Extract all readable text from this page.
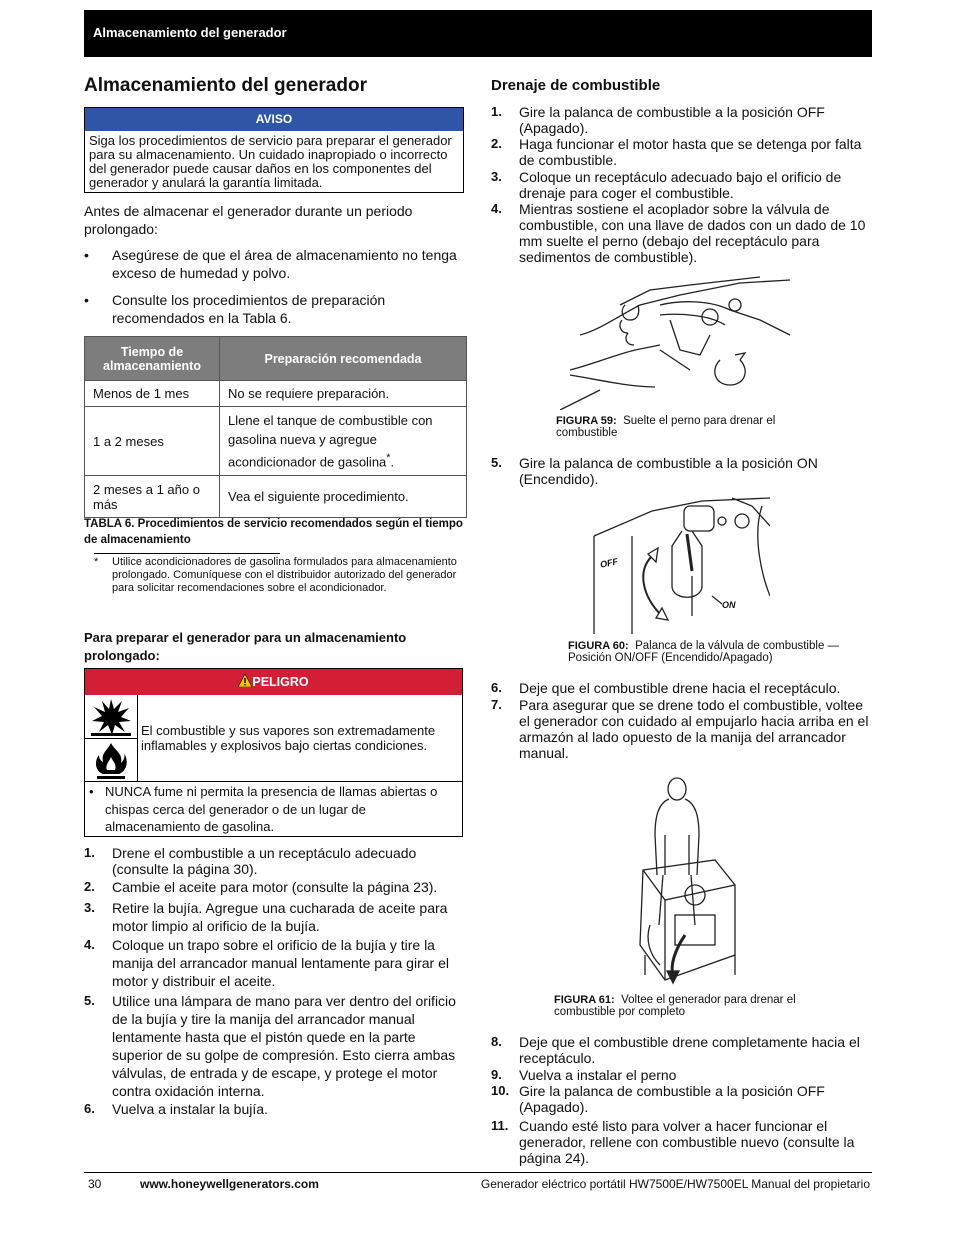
Almacenamiento del generador
Almacenamiento del generador
AVISO
Siga los procedimientos de servicio para preparar el generador para su almacenamiento. Un cuidado inapropiado o incorrecto del generador puede causar daños en los componentes del generador y anulará la garantía limitada.
Antes de almacenar el generador durante un periodo prolongado:
• Asegúrese de que el área de almacenamiento no tenga exceso de humedad y polvo.
• Consulte los procedimientos de preparación recomendados en la Tabla 6.
Tiempo de almacenamiento	Preparación recomendada
Menos de 1 mes	No se requiere preparación.
1 a 2 meses	Llene el tanque de combustible con gasolina nueva y agregue acondicionador de gasolina*.
2 meses a 1 año o más	Vea el siguiente procedimiento.
TABLA 6. Procedimientos de servicio recomendados según el tiempo de almacenamiento
* Utilice acondicionadores de gasolina formulados para almacenamiento prolongado. Comuníquese con el distribuidor autorizado del generador para solicitar recomendaciones sobre el acondicionador.
Para preparar el generador para un almacenamiento prolongado:
PELIGRO
El combustible y sus vapores son extremadamente inflamables y explosivos bajo ciertas condiciones.
• NUNCA fume ni permita la presencia de llamas abiertas o chispas cerca del generador o de un lugar de almacenamiento de gasolina.
1. Drene el combustible a un receptáculo adecuado (consulte la página 30).
2. Cambie el aceite para motor (consulte la página 23).
3. Retire la bujía. Agregue una cucharada de aceite para motor limpio al orificio de la bujía.
4. Coloque un trapo sobre el orificio de la bujía y tire la manija del arrancador manual lentamente para girar el motor y distribuir el aceite.
5. Utilice una lámpara de mano para ver dentro del orificio de la bujía y tire la manija del arrancador manual lentamente hasta que el pistón quede en la parte superior de su golpe de compresión. Esto cierra ambas válvulas, de entrada y de escape, y protege el motor contra oxidación interna.
6. Vuelva a instalar la bujía.
Drenaje de combustible
1. Gire la palanca de combustible a la posición OFF (Apagado).
2. Haga funcionar el motor hasta que se detenga por falta de combustible.
3. Coloque un receptáculo adecuado bajo el orificio de drenaje para coger el combustible.
4. Mientras sostiene el acoplador sobre la válvula de combustible, con una llave de dados con un dado de 10 mm suelte el perno (debajo del receptáculo para sedimentos de combustible).
FIGURA 59: Suelte el perno para drenar el combustible
5. Gire la palanca de combustible a la posición ON (Encendido).
OFF
ON
FIGURA 60: Palanca de la válvula de combustible — Posición ON/OFF (Encendido/Apagado)
6. Deje que el combustible drene hacia el receptáculo.
7. Para asegurar que se drene todo el combustible, voltee el generador con cuidado al empujarlo hacia arriba en el armazón al lado opuesto de la manija del arrancador manual.
FIGURA 61: Voltee el generador para drenar el combustible por completo
8. Deje que el combustible drene completamente hacia el receptáculo.
9. Vuelva a instalar el perno
10. Gire la palanca de combustible a la posición OFF (Apagado).
11. Cuando esté listo para volver a hacer funcionar el generador, rellene con combustible nuevo (consulte la página 24).
30	www.honeywellgenerators.com	Generador eléctrico portátil HW7500E/HW7500EL Manual del propietario
